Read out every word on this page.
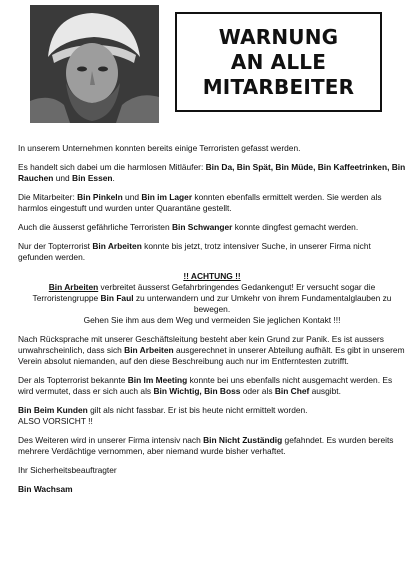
WARNUNG
AN ALLE
MITARBEITER

In unserem Unternehmen konnten bereits einige Terroristen gefasst werden.

Es handelt sich dabei um die harmlosen Mitläufer: Bin Da, Bin Spät, Bin Müde, Bin Kaffeetrinken, Bin Rauchen und Bin Essen.

Die Mitarbeiter: Bin Pinkeln und Bin im Lager konnten ebenfalls ermittelt werden. Sie werden als harmlos eingestuft und wurden unter Quarantäne gestellt.

Auch die äusserst gefährliche Terroristen Bin Schwanger konnte dingfest gemacht werden.

Nur der Topterrorist Bin Arbeiten konnte bis jetzt, trotz intensiver Suche, in unserer Firma nicht gefunden werden.

!! ACHTUNG !!
Bin Arbeiten verbreitet äusserst Gefahrbringendes Gedankengut! Er versucht sogar die Terroristengruppe Bin Faul zu unterwandern und zur Umkehr von ihrem Fundamentalglauben zu bewegen.
Gehen Sie ihm aus dem Weg und vermeiden Sie jeglichen Kontakt !!!

Nach Rücksprache mit unserer Geschäftsleitung besteht aber kein Grund zur Panik. Es ist aussers unwahrscheinlich, dass sich Bin Arbeiten ausgerechnet in unserer Abteilung aufhält. Es gibt in unserem Verein absolut niemanden, auf den diese Beschreibung auch nur im Entferntesten zutrifft.

Der als Topterrorist bekannte Bin Im Meeting konnte bei uns ebenfalls nicht ausgemacht werden. Es wird vermutet, dass er sich auch als Bin Wichtig, Bin Boss oder als Bin Chef ausgibt.

Bin Beim Kunden gilt als nicht fassbar. Er ist bis heute nicht ermittelt worden.
ALSO VORSICHT !!

Des Weiteren wird in unserer Firma intensiv nach Bin Nicht Zuständig gefahndet. Es wurden bereits mehrere Verdächtige vernommen, aber niemand wurde bisher verhaftet.

Ihr Sicherheitsbeauftragter

Bin Wachsam
